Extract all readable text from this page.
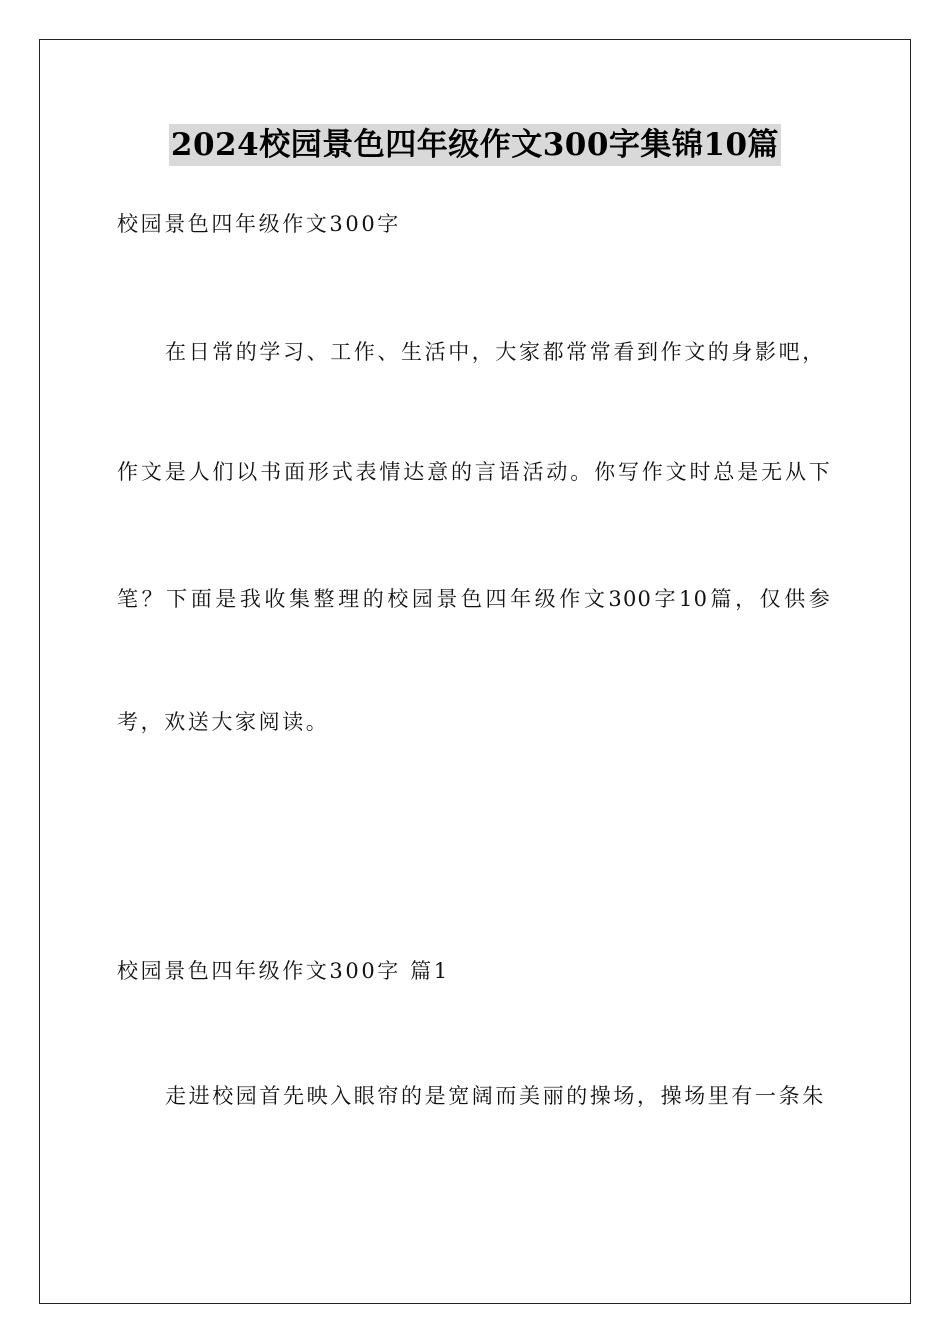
2024校园景色四年级作文300字集锦10篇
校园景色四年级作文300字
在日常的学习、工作、生活中，大家都常常看到作文的身影吧，
作文是人们以书面形式表情达意的言语活动。你写作文时总是无从下
笔？下面是我收集整理的校园景色四年级作文300字10篇，仅供参
考，欢送大家阅读。
校园景色四年级作文300字 篇1
走进校园首先映入眼帘的是宽阔而美丽的操场，操场里有一条朱
